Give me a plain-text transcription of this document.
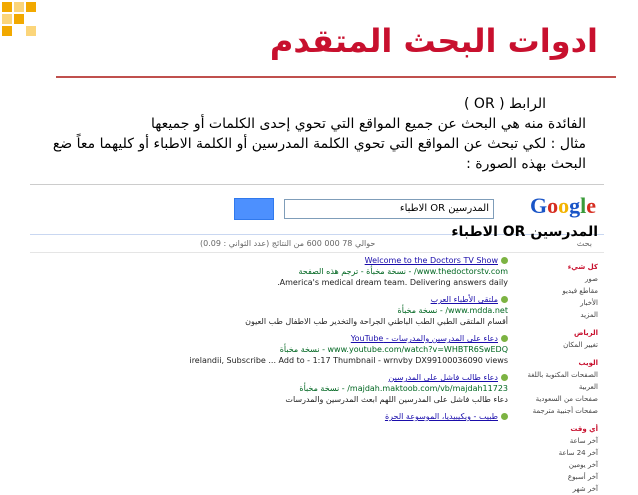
ادوات البحث المتقدم

الرابط ( OR )

الفائدة منه هي البحث عن جميع المواقع التي تحوي إحدى الكلمات أو جميعها

مثال : لكي تبحث عن المواقع التي تحوي الكلمة المدرسين أو الكلمة الاطباء أو كليهما معاً ضع

البحث بهذه الصورة :

Google
المدرسين OR الاطباء
بحث
حوالي 78 000 600 من النتائج (عدد الثواني : 0.09)
كل شيء
صور
مقاطع فيديو
الأخبار
المزيد
الرياض
تغيير المكان
الويب
الصفحات المكتوبة باللغة العربية
صفحات من السعودية
صفحات أجنبية مترجمة
أي وقت
آخر ساعة
آخر 24 ساعة
آخر يومين
آخر أسبوع
آخر شهر
Welcome to the Doctors TV Show
www.thedoctorstv.com/ - نسخة مخبأة - ترجم هذه الصفحة
America's medical dream team. Delivering answers daily.
ملتقى الأطباء العرب
www.mdda.net/ - نسخة مخبأة
أقسام الملتقى الطبي الطب الباطني الجراحة والتخدير طب الاطفال طب العيون
دعاء على المدرسين والمدرسات - YouTube
www.youtube.com/watch?v=WHBTR6SwEDQ - نسخة مخبأة
irelandii, Subscribe ... Add to - 1:17 Thumbnail - wrnvby DX99100036090 views
دعاء طالب فاشل على المدرسين
majdah.maktoob.com/vb/majdah11723/ - نسخة مخبأة
دعاء طالب فاشل على المدرسين اللهم ابعث المدرسين والمدرسات
طبيب - ويكيبيديا، الموسوعة الحرة
المدرسين OR الاطباء
